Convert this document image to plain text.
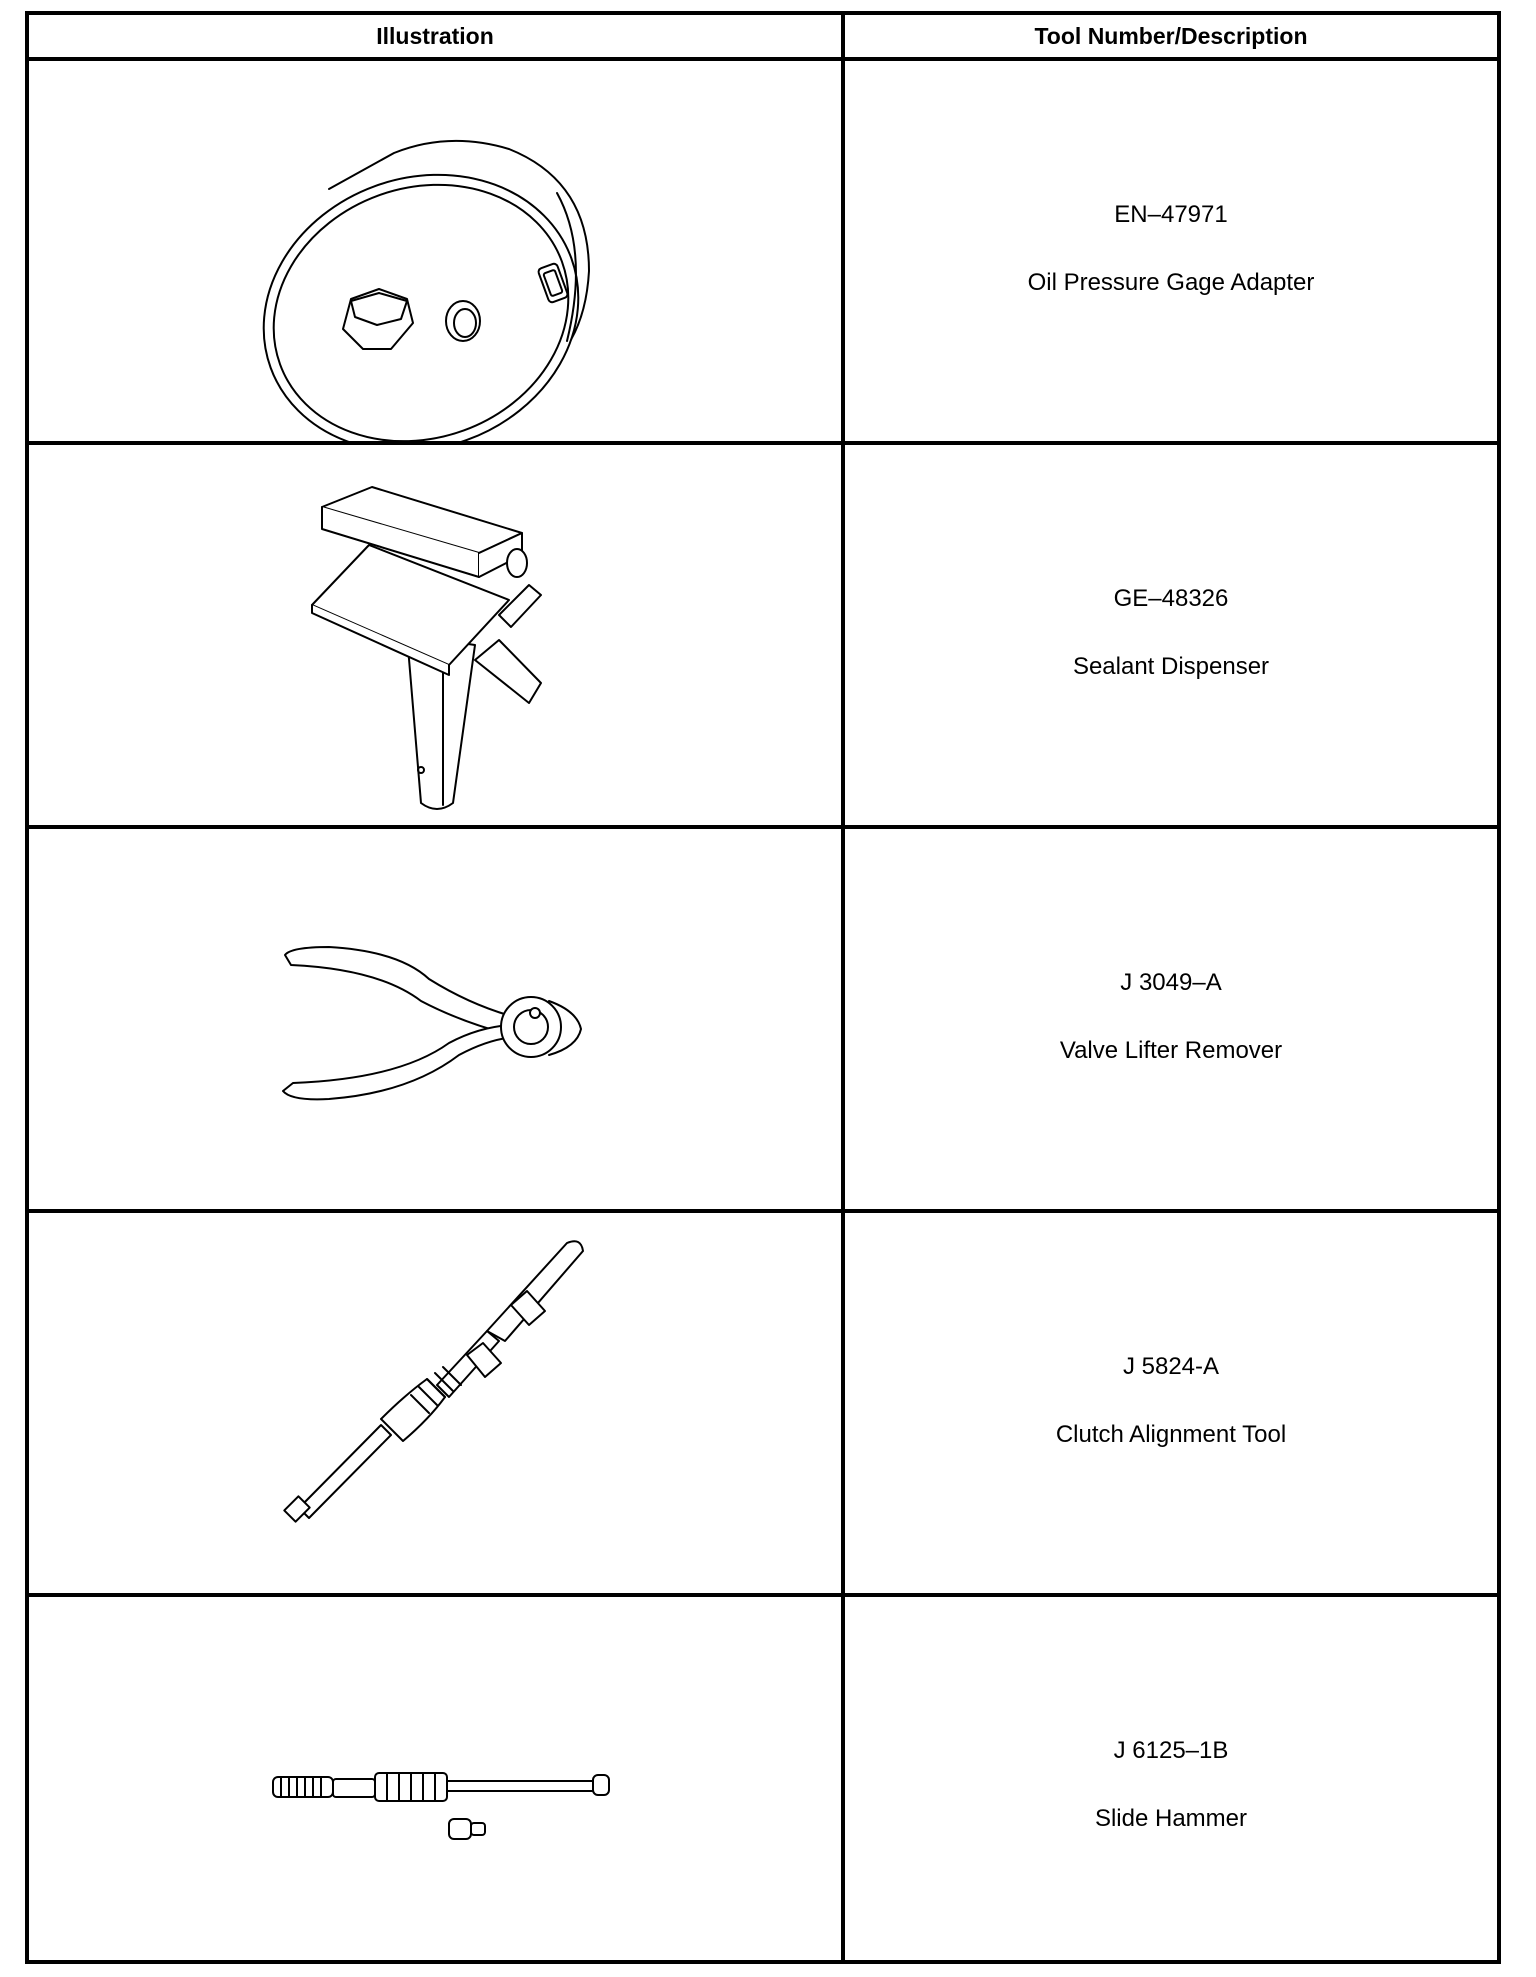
Illustration	Tool Number/Description
EN–47971
Oil Pressure Gage Adapter
GE–48326
Sealant Dispenser
J 3049–A
Valve Lifter Remover
J 5824-A
Clutch Alignment Tool
J 6125–1B
Slide Hammer
